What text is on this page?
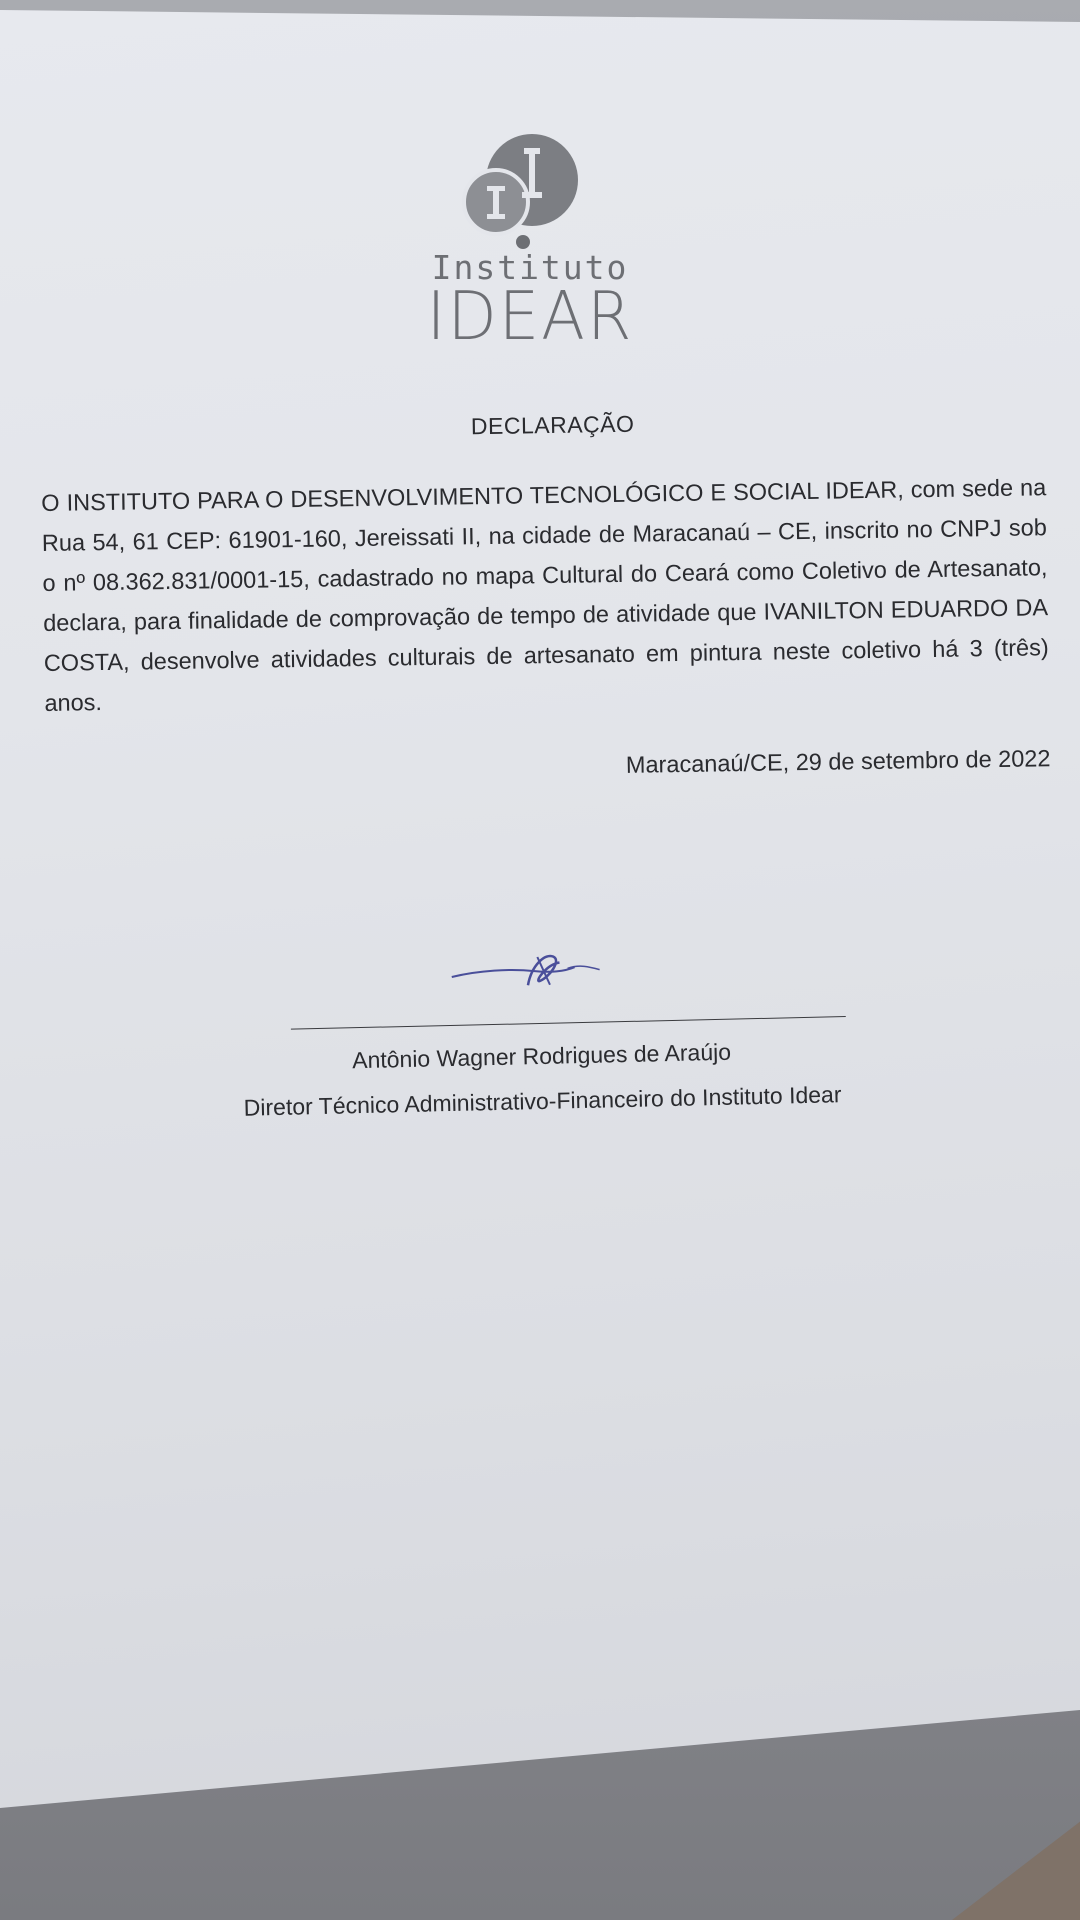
Instituto
IDEAR
DECLARAÇÃO
O INSTITUTO PARA O DESENVOLVIMENTO TECNOLÓGICO E SOCIAL IDEAR, com sede na Rua 54, 61 CEP: 61901-160, Jereissati II, na cidade de Maracanaú – CE, inscrito no CNPJ sob o nº 08.362.831/0001-15, cadastrado no mapa Cultural do Ceará como Coletivo de Artesanato, declara, para finalidade de comprovação de tempo de atividade que IVANILTON EDUARDO DA COSTA, desenvolve atividades culturais de artesanato em pintura neste coletivo há 3 (três) anos.
Maracanaú/CE, 29 de setembro de 2022
Antônio Wagner Rodrigues de Araújo
Diretor Técnico Administrativo-Financeiro do Instituto Idear
